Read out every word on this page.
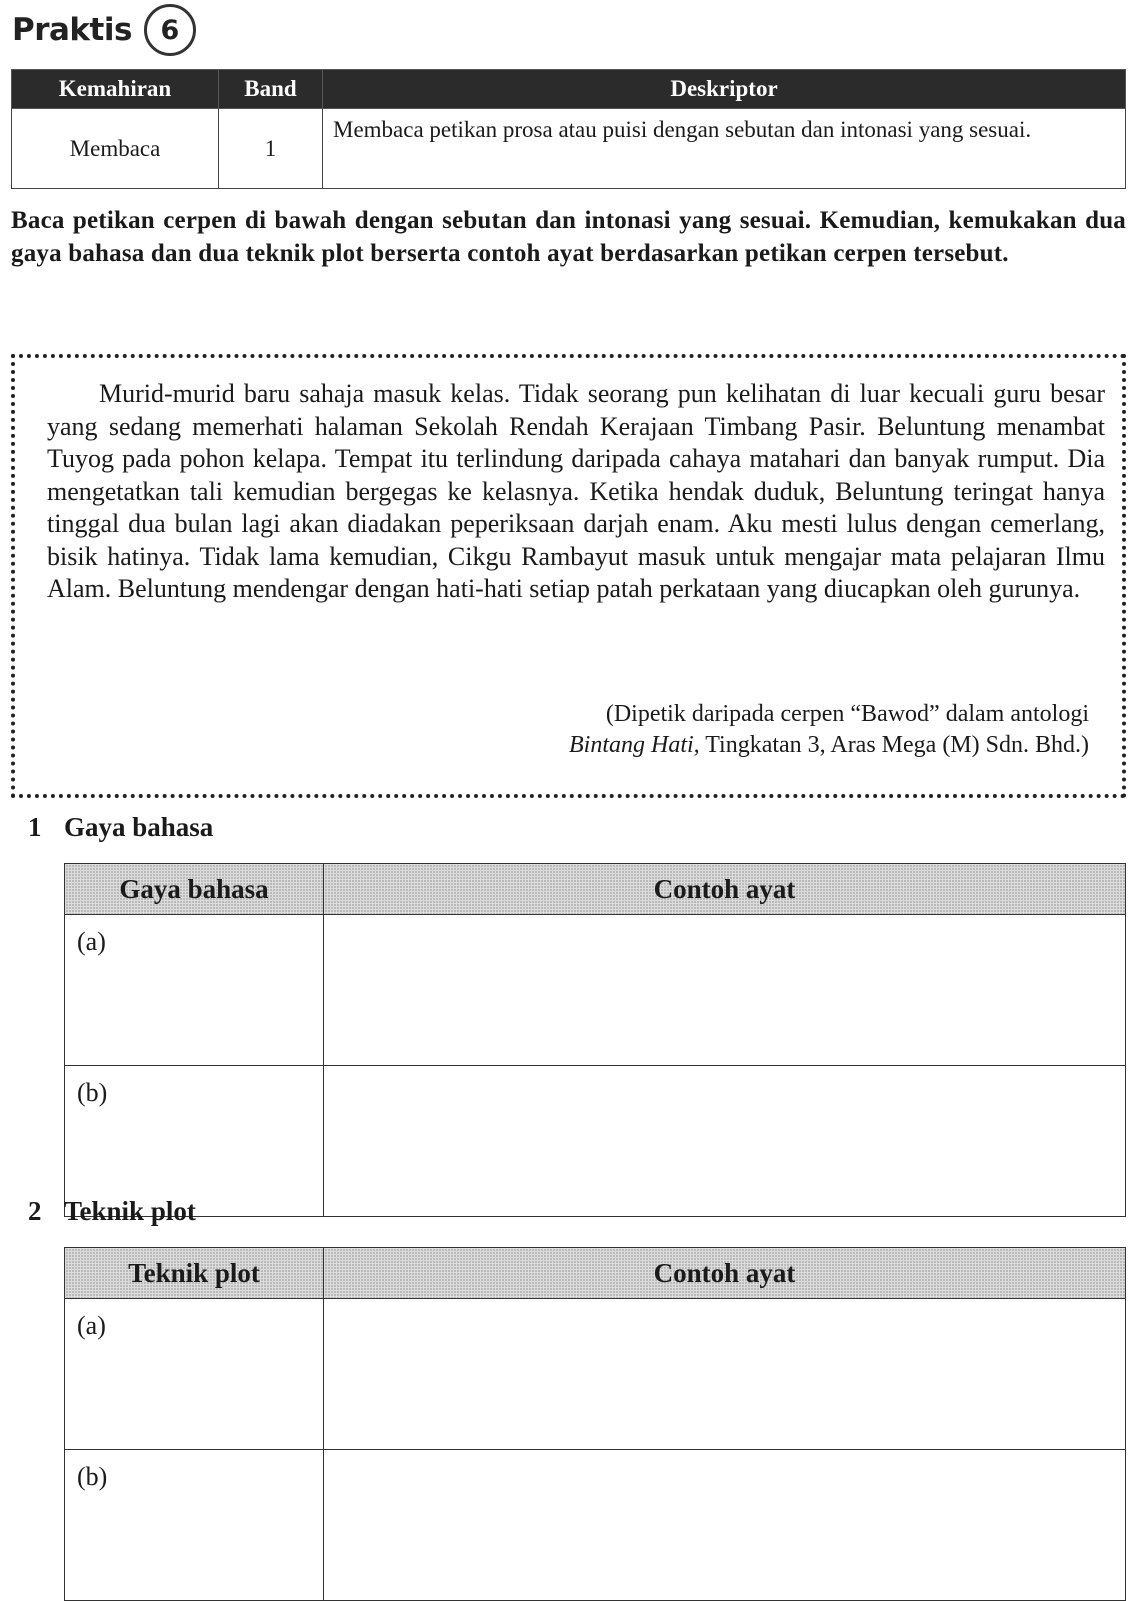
Praktis	6
Kemahiran	Band	Deskriptor
Membaca	1	Membaca petikan prosa atau puisi dengan sebutan dan intonasi yang sesuai.

Baca petikan cerpen di bawah dengan sebutan dan intonasi yang sesuai. Kemudian, kemukakan dua gaya bahasa dan dua teknik plot berserta contoh ayat berdasarkan petikan cerpen tersebut.

Murid-murid baru sahaja masuk kelas. Tidak seorang pun kelihatan di luar kecuali guru besar yang sedang memerhati halaman Sekolah Rendah Kerajaan Timbang Pasir. Beluntung menambat Tuyog pada pohon kelapa. Tempat itu terlindung daripada cahaya matahari dan banyak rumput. Dia mengetatkan tali kemudian bergegas ke kelasnya. Ketika hendak duduk, Beluntung teringat hanya tinggal dua bulan lagi akan diadakan peperiksaan darjah enam. Aku mesti lulus dengan cemerlang, bisik hatinya. Tidak lama kemudian, Cikgu Rambayut masuk untuk mengajar mata pelajaran Ilmu Alam. Beluntung mendengar dengan hati-hati setiap patah perkataan yang diucapkan oleh gurunya.

(Dipetik daripada cerpen “Bawod” dalam antologi
Bintang Hati, Tingkatan 3, Aras Mega (M) Sdn. Bhd.)

1 Gaya bahasa

Gaya bahasa	Contoh ayat
(a)	
(b)	

2 Teknik plot

Teknik plot	Contoh ayat
(a)	
(b)	
